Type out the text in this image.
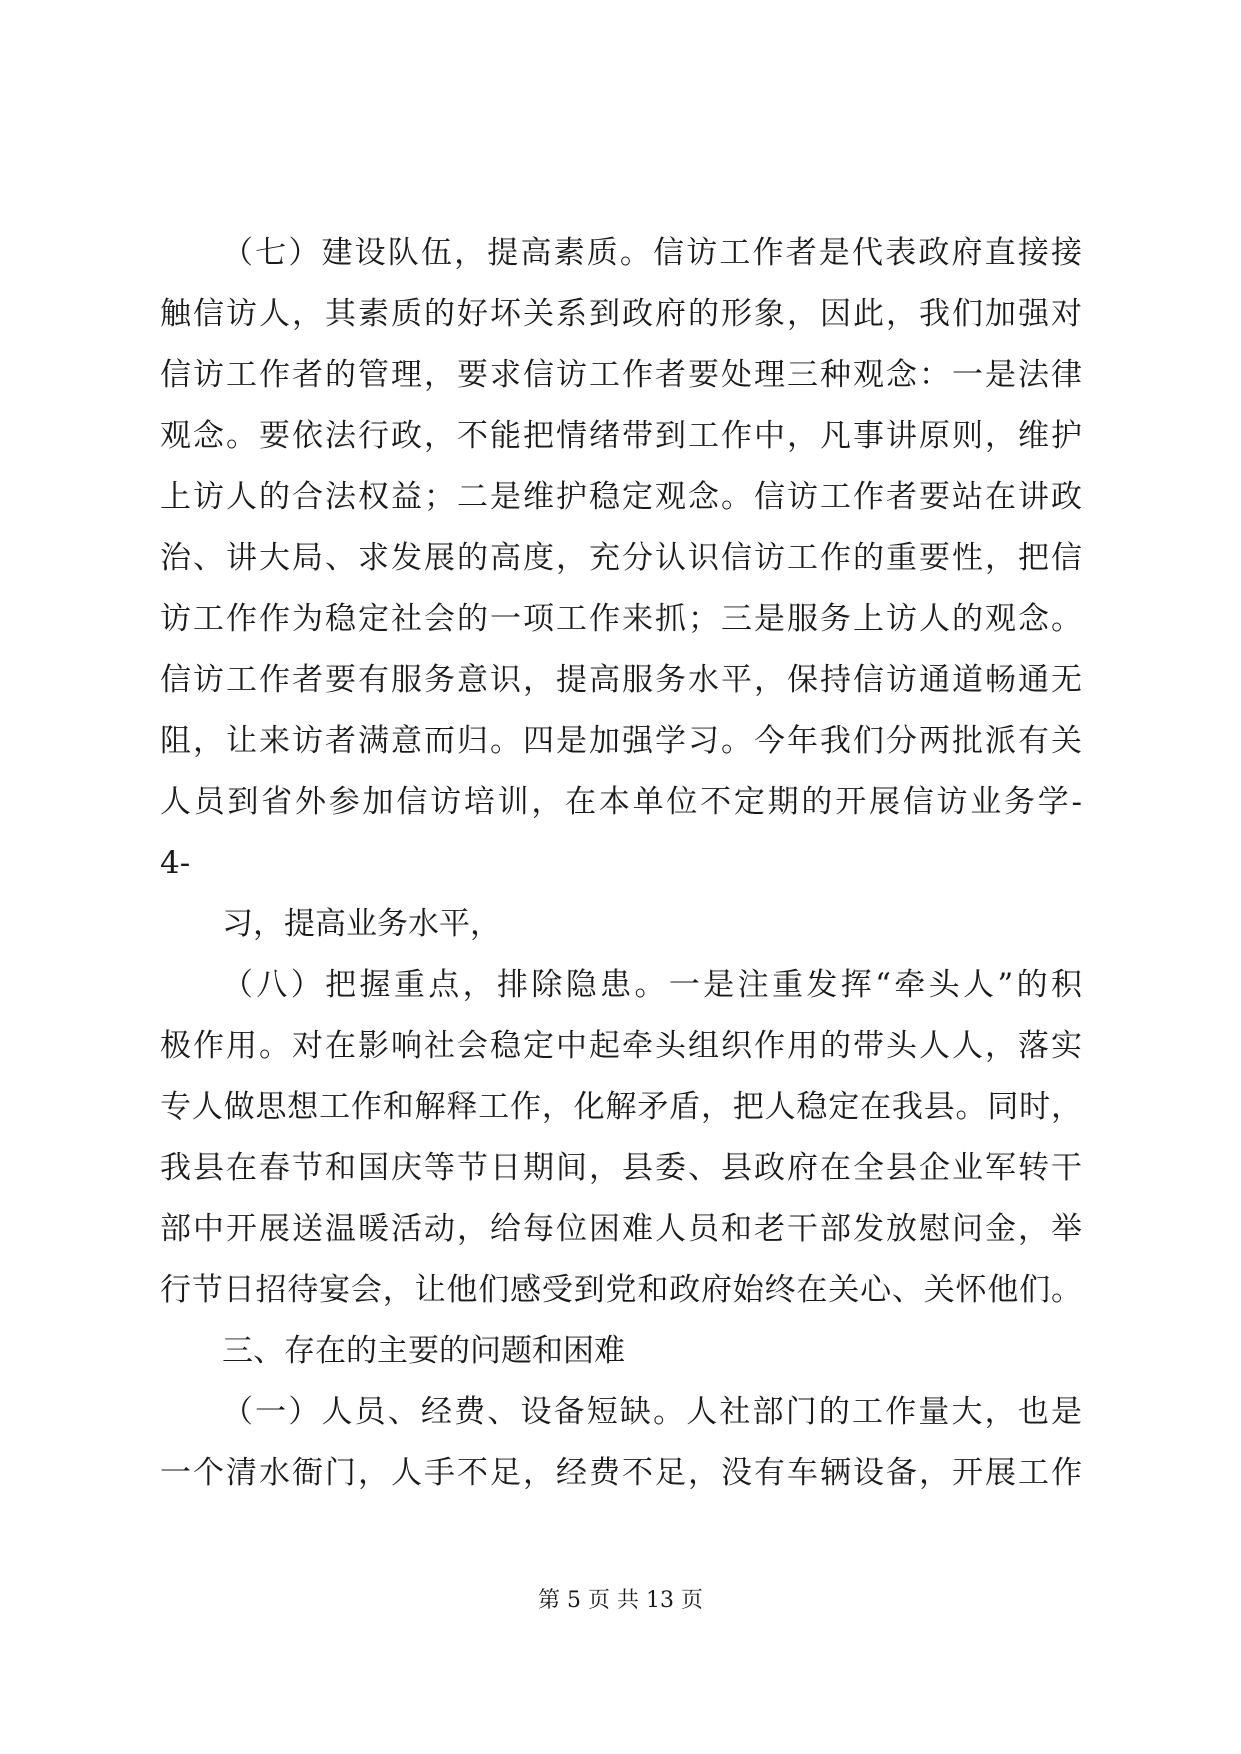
（七）建设队伍，提高素质。信访工作者是代表政府直接接
触信访人，其素质的好坏关系到政府的形象，因此，我们加强对
信访工作者的管理，要求信访工作者要处理三种观念：一是法律
观念。要依法行政，不能把情绪带到工作中，凡事讲原则，维护
上访人的合法权益；二是维护稳定观念。信访工作者要站在讲政
治、讲大局、求发展的高度，充分认识信访工作的重要性，把信
访工作作为稳定社会的一项工作来抓；三是服务上访人的观念。
信访工作者要有服务意识，提高服务水平，保持信访通道畅通无
阻，让来访者满意而归。四是加强学习。今年我们分两批派有关
人员到省外参加信访培训，在本单位不定期的开展信访业务学-
4-
习，提高业务水平，
（八）把握重点，排除隐患。一是注重发挥“牵头人”的积
极作用。对在影响社会稳定中起牵头组织作用的带头人人，落实
专人做思想工作和解释工作，化解矛盾，把人稳定在我县。同时，
我县在春节和国庆等节日期间，县委、县政府在全县企业军转干
部中开展送温暖活动，给每位困难人员和老干部发放慰问金，举
行节日招待宴会，让他们感受到党和政府始终在关心、关怀他们。
三、存在的主要的问题和困难
（一）人员、经费、设备短缺。人社部门的工作量大，也是
一个清水衙门，人手不足，经费不足，没有车辆设备，开展工作
第 5 页 共 13 页
